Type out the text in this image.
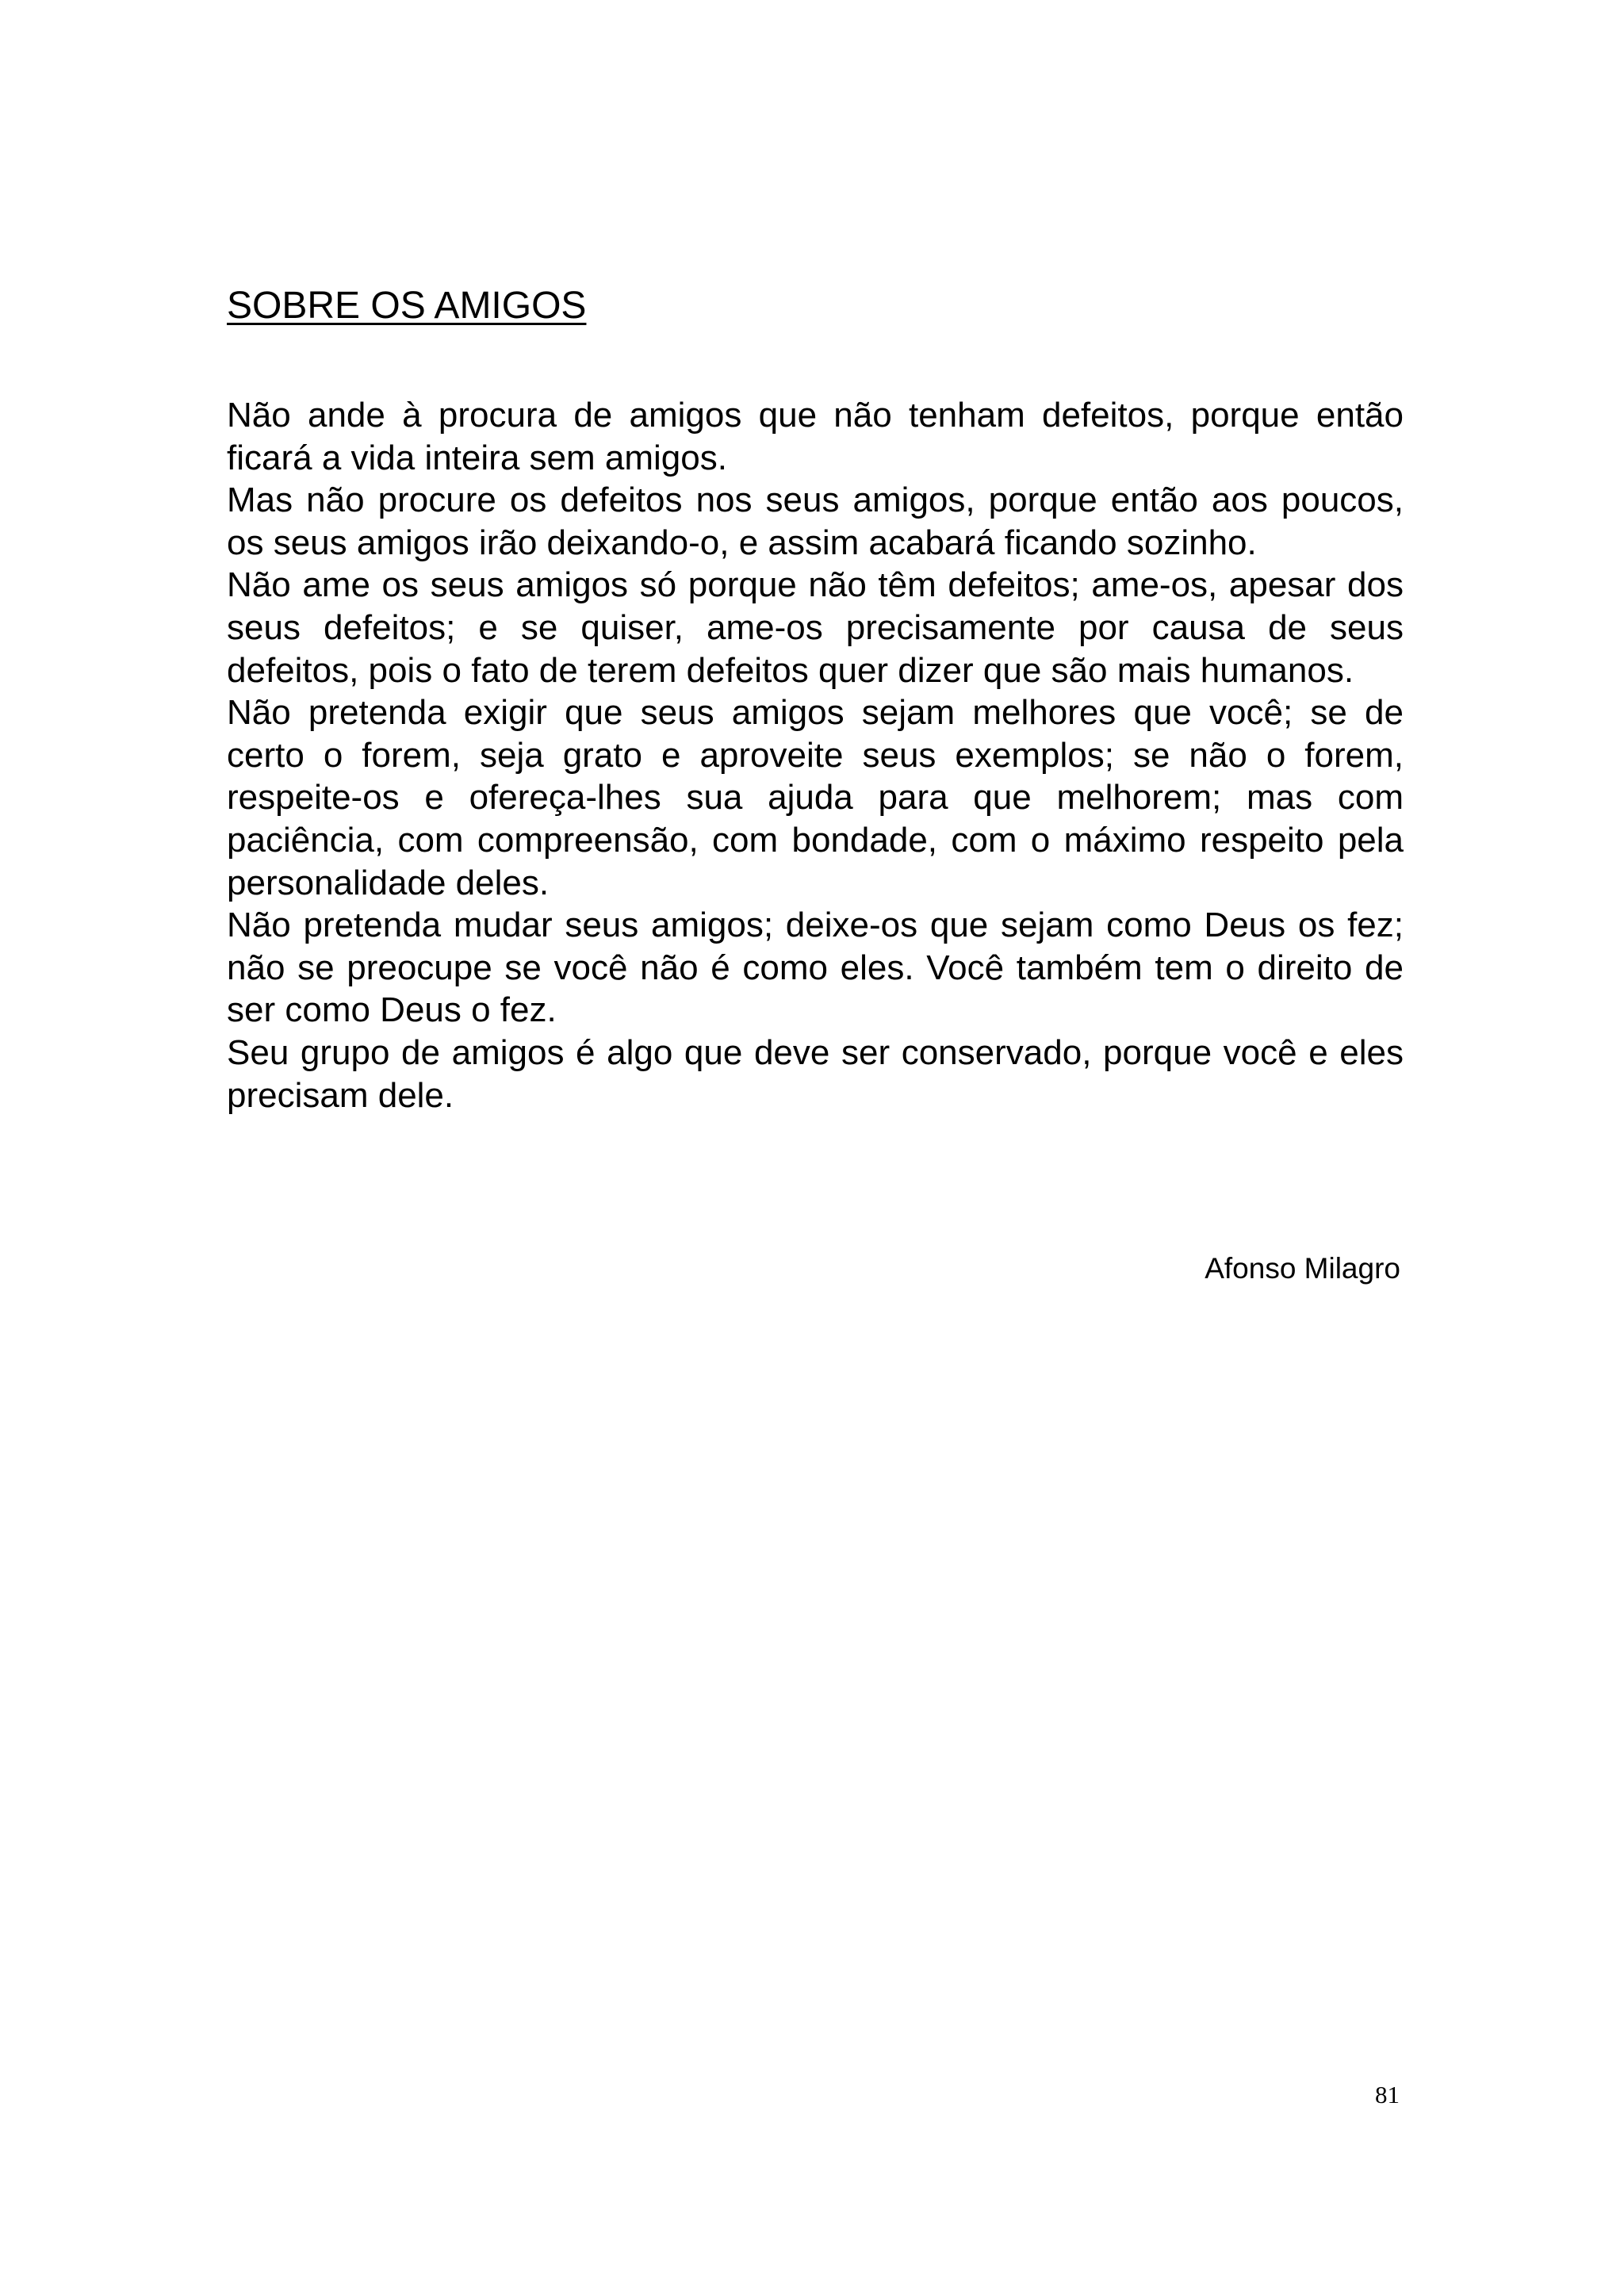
SOBRE OS AMIGOS

Não ande à procura de amigos que não tenham defeitos, porque então ficará a vida inteira sem amigos.

Mas não procure os defeitos nos seus amigos, porque então aos poucos, os seus amigos irão deixando-o, e assim acabará ficando sozinho.

Não ame os seus amigos só porque não têm defeitos; ame-os, apesar dos seus defeitos; e se quiser, ame-os precisamente por causa de seus defeitos, pois o fato de terem defeitos quer dizer que são mais humanos.

Não pretenda exigir que seus amigos sejam melhores que você; se de certo o forem, seja grato e aproveite seus exemplos; se não o forem, respeite-os e ofereça-lhes sua ajuda para que melhorem; mas com paciência, com compreensão, com bondade, com o máximo respeito pela personalidade deles.

Não pretenda mudar seus amigos; deixe-os que sejam como Deus os fez; não se preocupe se você não é como eles. Você também tem o direito de ser como Deus o fez.

Seu grupo de amigos é algo que deve ser conservado, porque você e eles precisam dele.

Afonso Milagro

81
